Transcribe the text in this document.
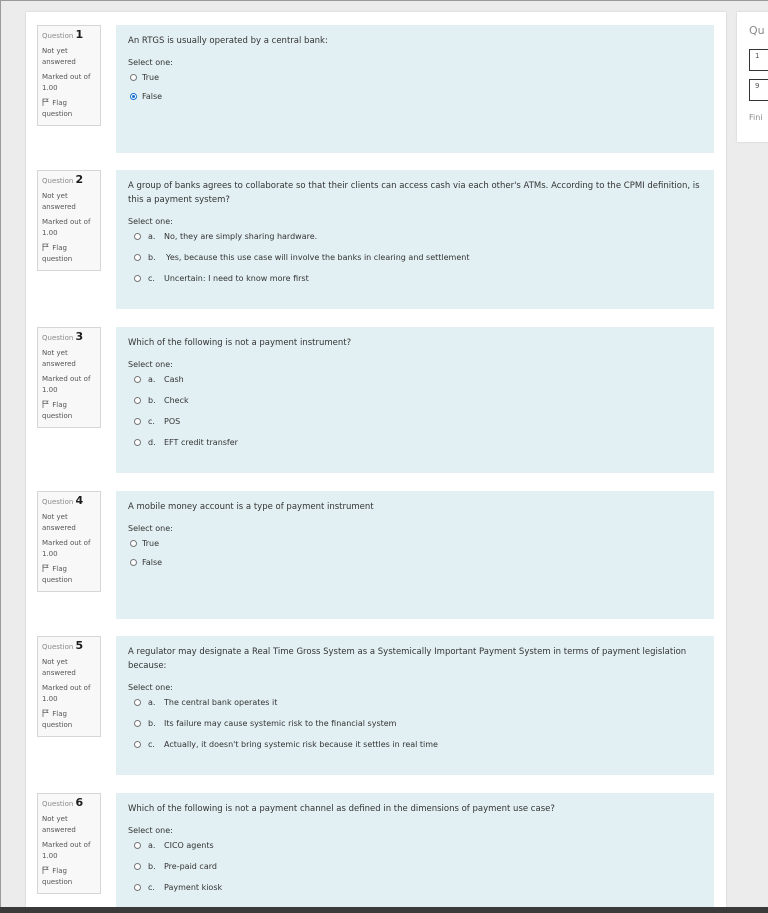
Question 1
Not yet answered
Marked out of 1.00
Flag question
An RTGS is usually operated by a central bank:
Select one:
True
False
Question 2
Not yet answered
Marked out of 1.00
Flag question
A group of banks agrees to collaborate so that their clients can access cash via each other's ATMs. According to the CPMI definition, is this a payment system?
Select one:
a. No, they are simply sharing hardware.
b. Yes, because this use case will involve the banks in clearing and settlement
c. Uncertain: I need to know more first
Question 3
Not yet answered
Marked out of 1.00
Flag question
Which of the following is not a payment instrument?
Select one:
a. Cash
b. Check
c. POS
d. EFT credit transfer
Question 4
Not yet answered
Marked out of 1.00
Flag question
A mobile money account is a type of payment instrument
Select one:
True
False
Question 5
Not yet answered
Marked out of 1.00
Flag question
A regulator may designate a Real Time Gross System as a Systemically Important Payment System in terms of payment legislation because:
Select one:
a. The central bank operates it
b. Its failure may cause systemic risk to the financial system
c. Actually, it doesn't bring systemic risk because it settles in real time
Question 6
Not yet answered
Marked out of 1.00
Flag question
Which of the following is not a payment channel as defined in the dimensions of payment use case?
Select one:
a. CICO agents
b. Pre-paid card
c. Payment kiosk
Qu
1
9
Fini
